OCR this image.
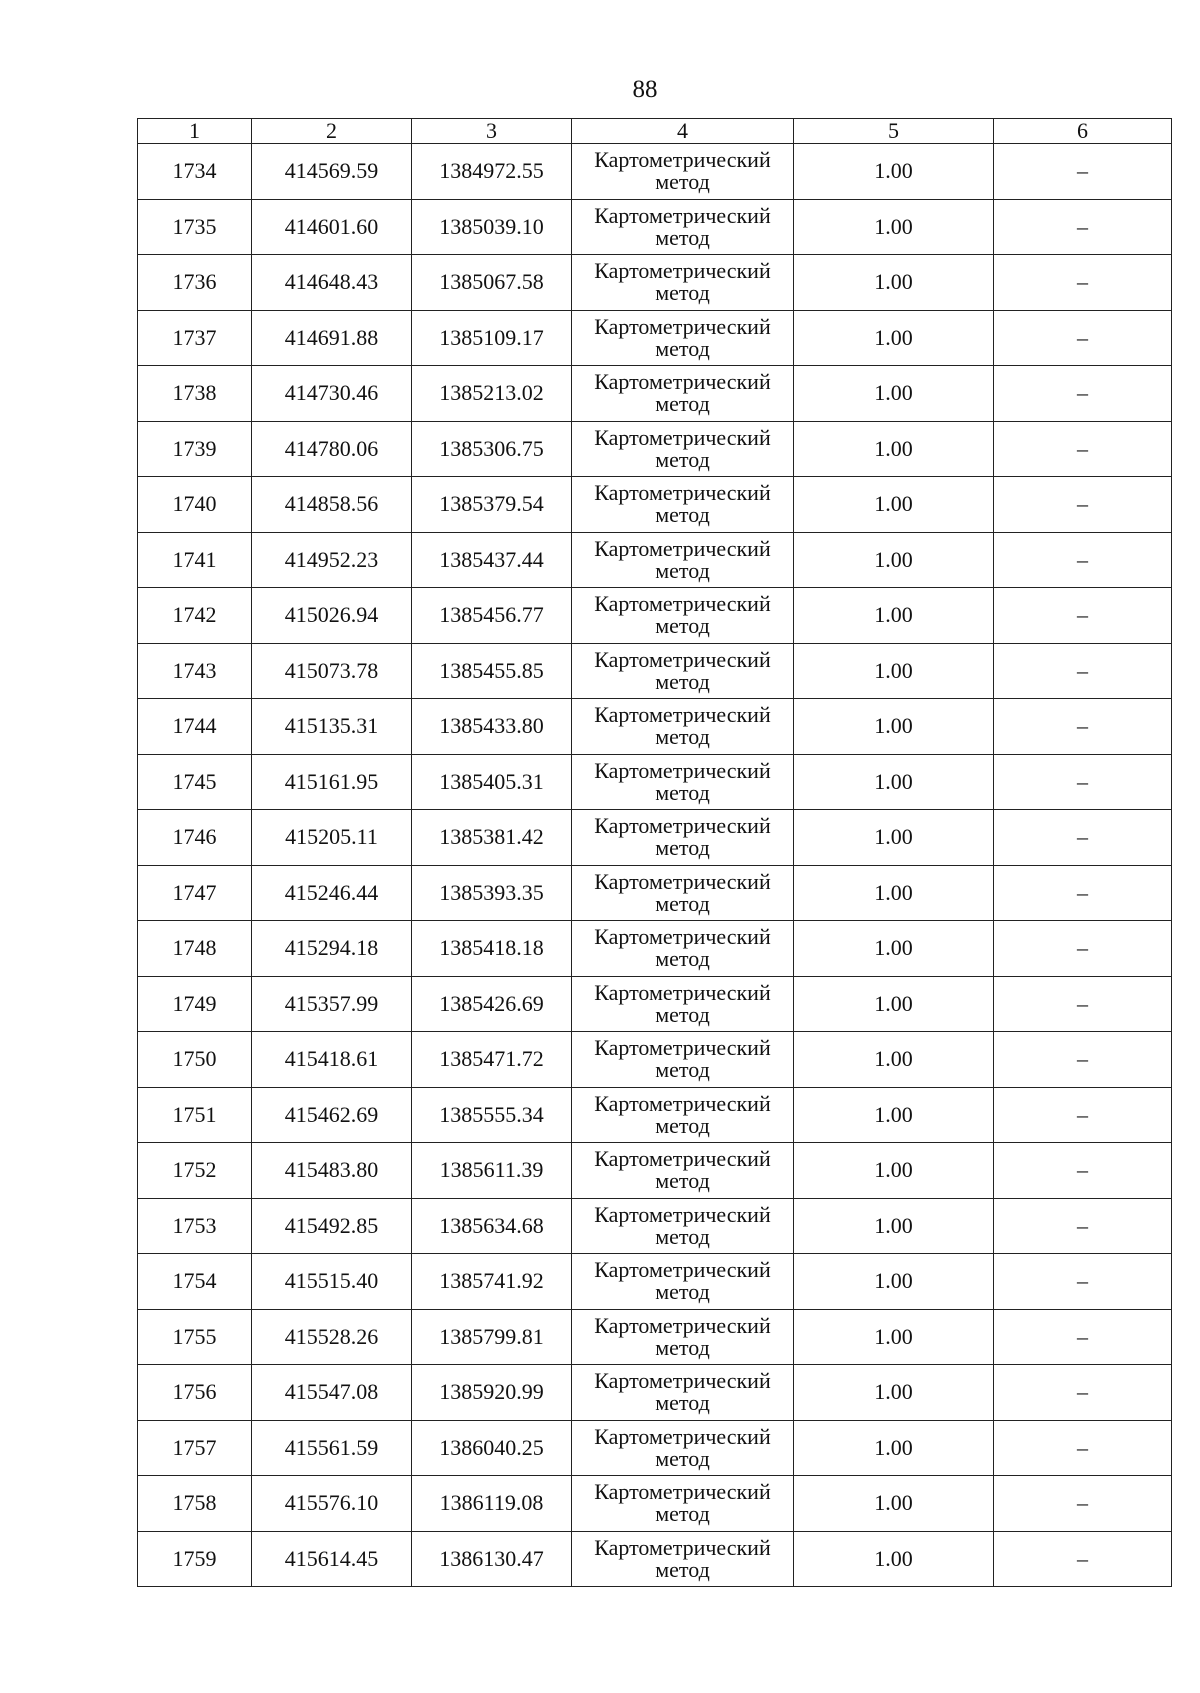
88
1	2	3	4	5	6
1734	414569.59	1384972.55	Картометрический
метод	1.00	–
1735	414601.60	1385039.10	Картометрический
метод	1.00	–
1736	414648.43	1385067.58	Картометрический
метод	1.00	–
1737	414691.88	1385109.17	Картометрический
метод	1.00	–
1738	414730.46	1385213.02	Картометрический
метод	1.00	–
1739	414780.06	1385306.75	Картометрический
метод	1.00	–
1740	414858.56	1385379.54	Картометрический
метод	1.00	–
1741	414952.23	1385437.44	Картометрический
метод	1.00	–
1742	415026.94	1385456.77	Картометрический
метод	1.00	–
1743	415073.78	1385455.85	Картометрический
метод	1.00	–
1744	415135.31	1385433.80	Картометрический
метод	1.00	–
1745	415161.95	1385405.31	Картометрический
метод	1.00	–
1746	415205.11	1385381.42	Картометрический
метод	1.00	–
1747	415246.44	1385393.35	Картометрический
метод	1.00	–
1748	415294.18	1385418.18	Картометрический
метод	1.00	–
1749	415357.99	1385426.69	Картометрический
метод	1.00	–
1750	415418.61	1385471.72	Картометрический
метод	1.00	–
1751	415462.69	1385555.34	Картометрический
метод	1.00	–
1752	415483.80	1385611.39	Картометрический
метод	1.00	–
1753	415492.85	1385634.68	Картометрический
метод	1.00	–
1754	415515.40	1385741.92	Картометрический
метод	1.00	–
1755	415528.26	1385799.81	Картометрический
метод	1.00	–
1756	415547.08	1385920.99	Картометрический
метод	1.00	–
1757	415561.59	1386040.25	Картометрический
метод	1.00	–
1758	415576.10	1386119.08	Картометрический
метод	1.00	–
1759	415614.45	1386130.47	Картометрический
метод	1.00	–
